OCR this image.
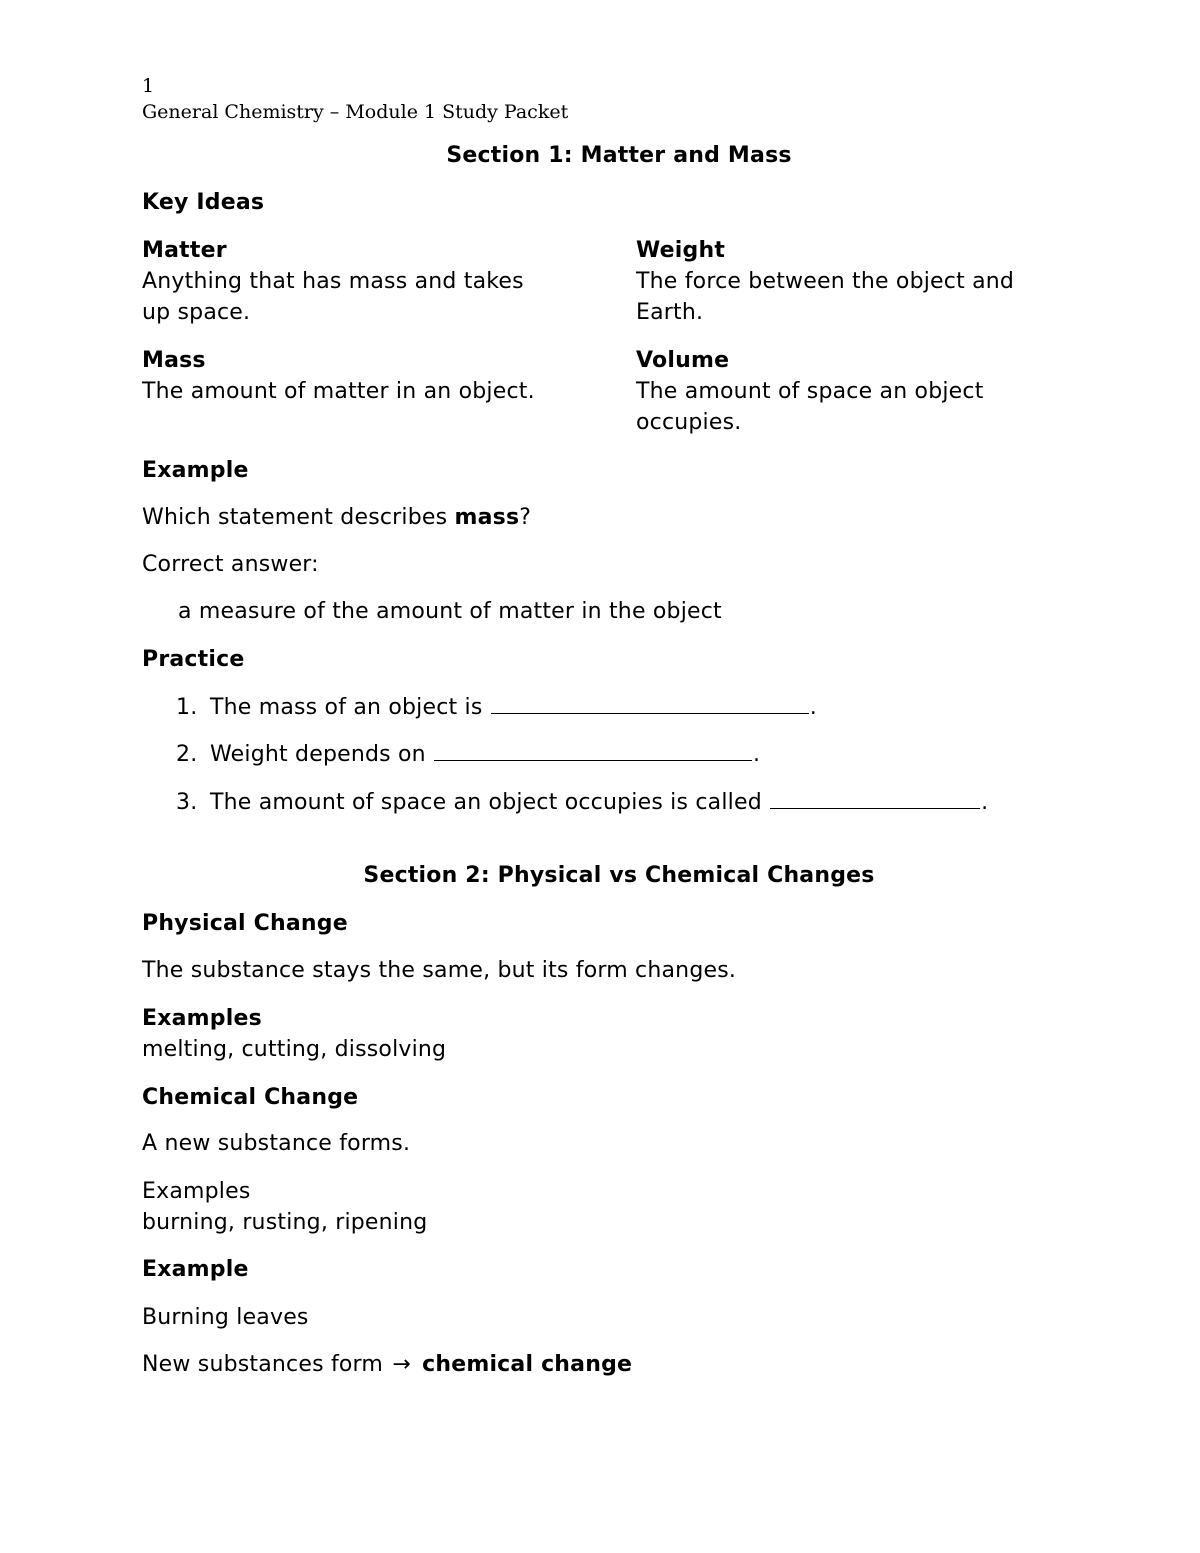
1
General Chemistry – Module 1 Study Packet
Section 1: Matter and Mass
Key Ideas
Matter
Anything that has mass and takes
up space.
Weight
The force between the object and
Earth.
Mass
The amount of matter in an object.
Volume
The amount of space an object
occupies.
Example
Which statement describes mass?
Correct answer:
a measure of the amount of matter in the object
Practice
1. The mass of an object is	.
2. Weight depends on	.
3. The amount of space an object occupies is called	.
Section 2: Physical vs Chemical Changes
Physical Change
The substance stays the same, but its form changes.
Examples
melting, cutting, dissolving
Chemical Change
A new substance forms.
Examples
burning, rusting, ripening
Example
Burning leaves
New substances form → chemical change
